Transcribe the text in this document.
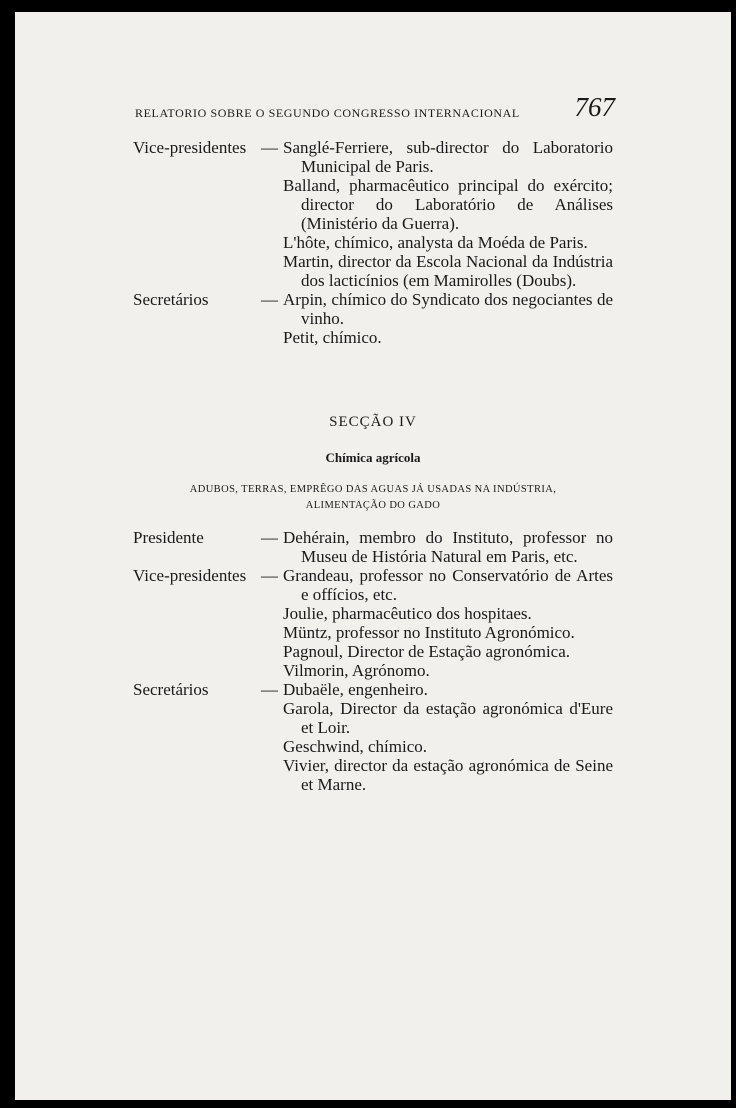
RELATORIO SOBRE O SEGUNDO CONGRESSO INTERNACIONAL 767
Vice-presidentes — Sanglé-Ferriere, sub-director do Laboratorio Municipal de Paris.
Balland, pharmacêutico principal do exército; director do Laboratório de Análises (Ministério da Guerra).
L'hôte, chímico, analysta da Moéda de Paris.
Martin, director da Escola Nacional da Indústria dos lacticínios (em Mamirolles (Doubs).
Secretários	— Arpin, chímico do Syndicato dos negociantes de vinho.
Petit, chímico.
SECÇÃO IV
Chímica agrícola
ADUBOS, TERRAS, EMPRÊGO DAS AGUAS JÁ USADAS NA INDÚSTRIA,
ALIMENTAÇÃO DO GADO
Presidente	— Dehérain, membro do Instituto, professor no Museu de História Natural em Paris, etc.
Vice-presidentes — Grandeau, professor no Conservatório de Artes e offícios, etc.
Joulie, pharmacêutico dos hospitaes.
Müntz, professor no Instituto Agronómico.
Pagnoul, Director de Estação agronómica.
Vilmorin, Agrónomo.
Secretários	— Dubaële, engenheiro.
Garola, Director da estação agronómica d'Eure et Loir.
Geschwind, chímico.
Vivier, director da estação agronómica de Seine et Marne.
